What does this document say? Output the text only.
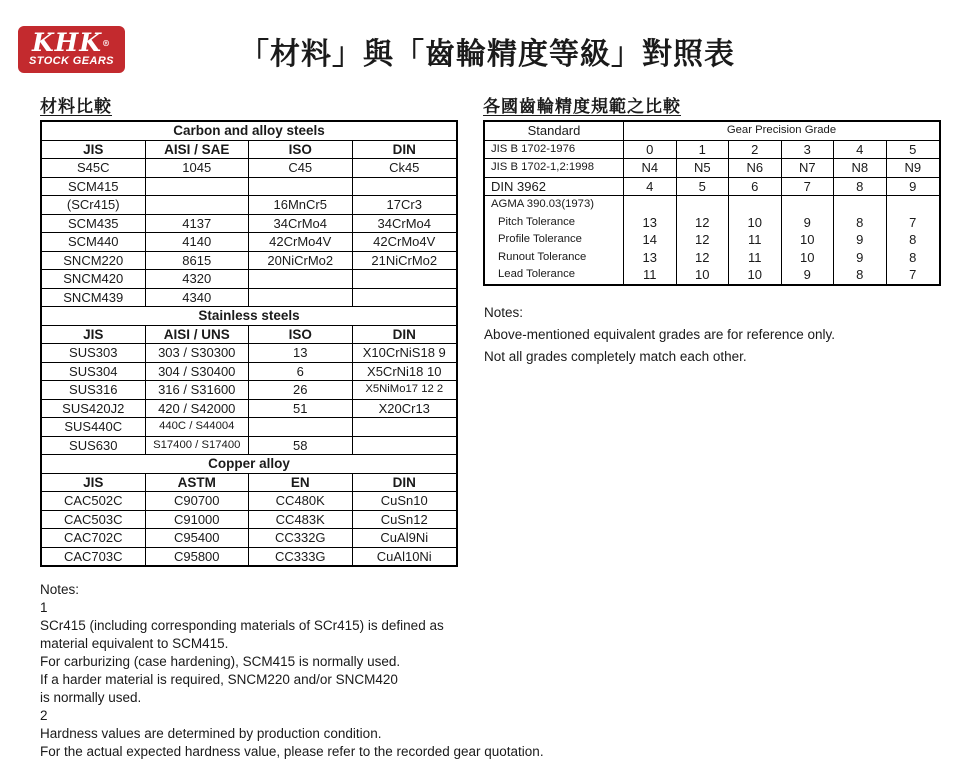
KHK®
STOCK GEARS	「材料」與「齒輪精度等級」對照表
材料比較
Carbon and alloy steels			
JIS	AISI / SAE	ISO	DIN
S45C	1045	C45	Ck45
SCM415			
(SCr415)		16MnCr5	17Cr3
SCM435	4137	34CrMo4	34CrMo4
SCM440	4140	42CrMo4V	42CrMo4V
SNCM220	8615	20NiCrMo2	21NiCrMo2
SNCM420	4320		
SNCM439	4340		
Stainless steels			
JIS	AISI / UNS	ISO	DIN
SUS303	303 / S30300	13	X10CrNiS18 9
SUS304	304 / S30400	6	X5CrNi18 10
SUS316	316 / S31600	26	X5NiMo17 12 2
SUS420J2	420 / S42000	51	X20Cr13
SUS440C	440C / S44004		
SUS630	S17400 / S17400	58	
Copper alloy			
JIS	ASTM	EN	DIN
CAC502C	C90700	CC480K	CuSn10
CAC503C	C91000	CC483K	CuSn12
CAC702C	C95400	CC332G	CuAl9Ni
CAC703C	C95800	CC333G	CuAl10Ni
各國齒輪精度規範之比較
Standard	Gear Precision Grade					
JIS B 1702-1976	0	1	2	3	4	5
JIS B 1702-1,2:1998	N4	N5	N6	N7	N8	N9
DIN 3962	4	5	6	7	8	9
AGMA 390.03(1973)						
Pitch Tolerance	13	12	10	9	8	7
Profile Tolerance	14	12	11	10	9	8
Runout Tolerance	13	12	11	10	9	8
Lead Tolerance	11	10	10	9	8	7
Notes:
Above-mentioned equivalent grades are for reference only.
Not all grades completely match each other.
Notes:
1
SCr415 (including corresponding materials of SCr415) is defined as
material equivalent to SCM415.
For carburizing (case hardening), SCM415 is normally used.
If a harder material is required, SNCM220 and/or SNCM420
is normally used.
2
Hardness values are determined by production condition.
For the actual expected hardness value, please refer to the recorded gear quotation.
